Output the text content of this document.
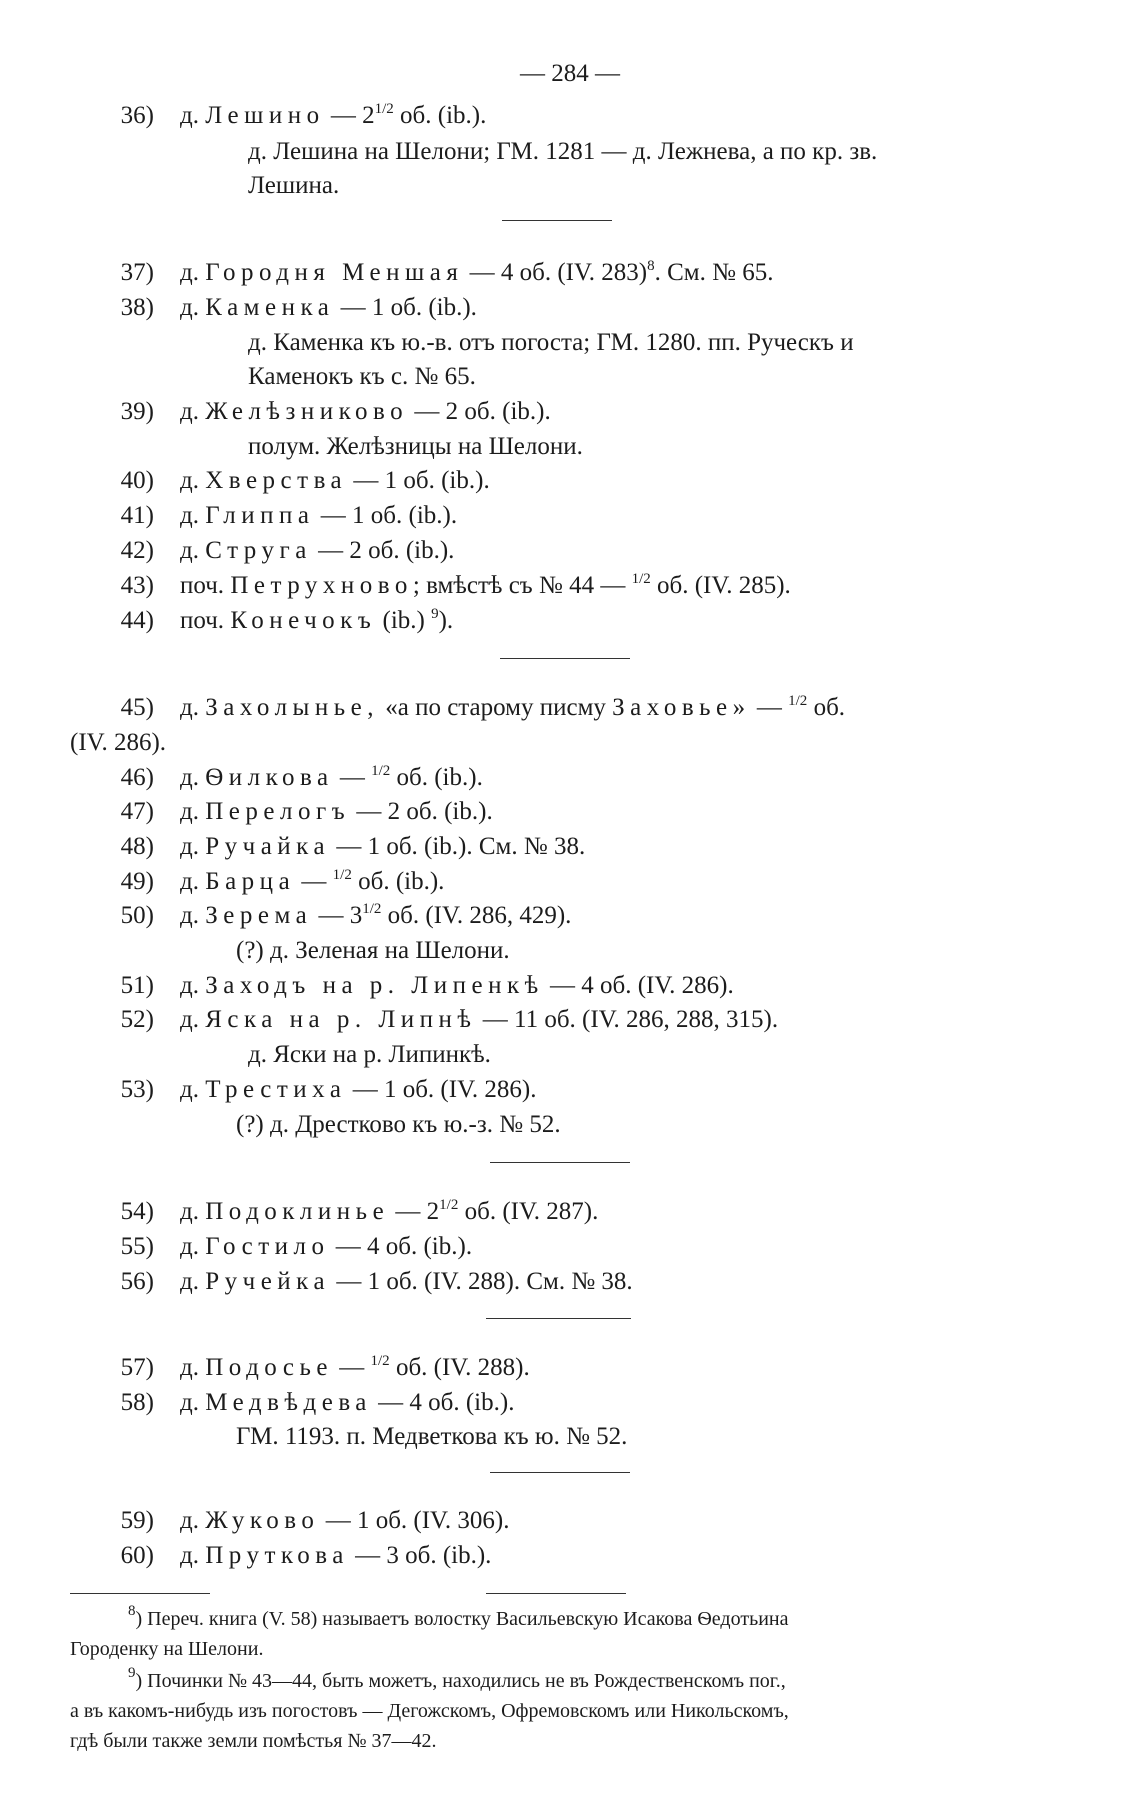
— 284 —
36) д. Лешино — $2^{1/2}$ об. (ib.).
д. Лешина на Шелони; ГМ. 1281 — д. Лежнева, а по кр. зв.
Лешина.
37) д. Городня Меншая — 4 об. (IV. 283)$^8$. См. № 65.
38) д. Каменка — 1 об. (ib.).
д. Каменка къ ю.-в. отъ погоста; ГМ. 1280. пп. Руческъ и
Каменокъ къ с. № 65.
39) д. Желѣзниково — 2 об. (ib.).
полум. Желѣзницы на Шелони.
40) д. Хверства — 1 об. (ib.).
41) д. Глиппа — 1 об. (ib.).
42) д. Струга — 2 об. (ib.).
43) поч. Петрухново; вмѣстѣ съ № 44 — $^{1/2}$ об. (IV. 285).
44) поч. Конечокъ (ib.) $^9$).
45) д. Захолынье, «а по старому писму Заховье» — $^{1/2}$ об.
(IV. 286).
46) д. Ѳилкова — $^{1/2}$ об. (ib.).
47) д. Перелогъ — 2 об. (ib.).
48) д. Ручайка — 1 об. (ib.). См. № 38.
49) д. Барца — $^{1/2}$ об. (ib.).
50) д. Зерема — $3^{1/2}$ об. (IV. 286, 429).
(?) д. Зеленая на Шелони.
51) д. Заходъ на р. Липенкѣ — 4 об. (IV. 286).
52) д. Яска на р. Липнѣ — 11 об. (IV. 286, 288, 315).
д. Яски на р. Липинкѣ.
53) д. Трестиха — 1 об. (IV. 286).
(?) д. Дрестково къ ю.-з. № 52.
54) д. Подоклинье — $2^{1/2}$ об. (IV. 287).
55) д. Гостило — 4 об. (ib.).
56) д. Ручейка — 1 об. (IV. 288). См. № 38.
57) д. Подосье — $^{1/2}$ об. (IV. 288).
58) д. Медвѣдева — 4 об. (ib.).
ГМ. 1193. п. Медветкова къ ю. № 52.
59) д. Жуково — 1 об. (IV. 306).
60) д. Пруткова — 3 об. (ib.).
$^8$) Переч. книга (V. 58) называетъ волостку Васильевскую Исакова Ѳедотьина
Городенку на Шелони.
$^9$) Починки № 43—44, быть можетъ, находились не въ Рождественскомъ пог.,
а въ какомъ-нибудь изъ погостовъ — Дегожскомъ, Офремовскомъ или Никольскомъ,
гдѣ были также земли помѣстья № 37—42.
